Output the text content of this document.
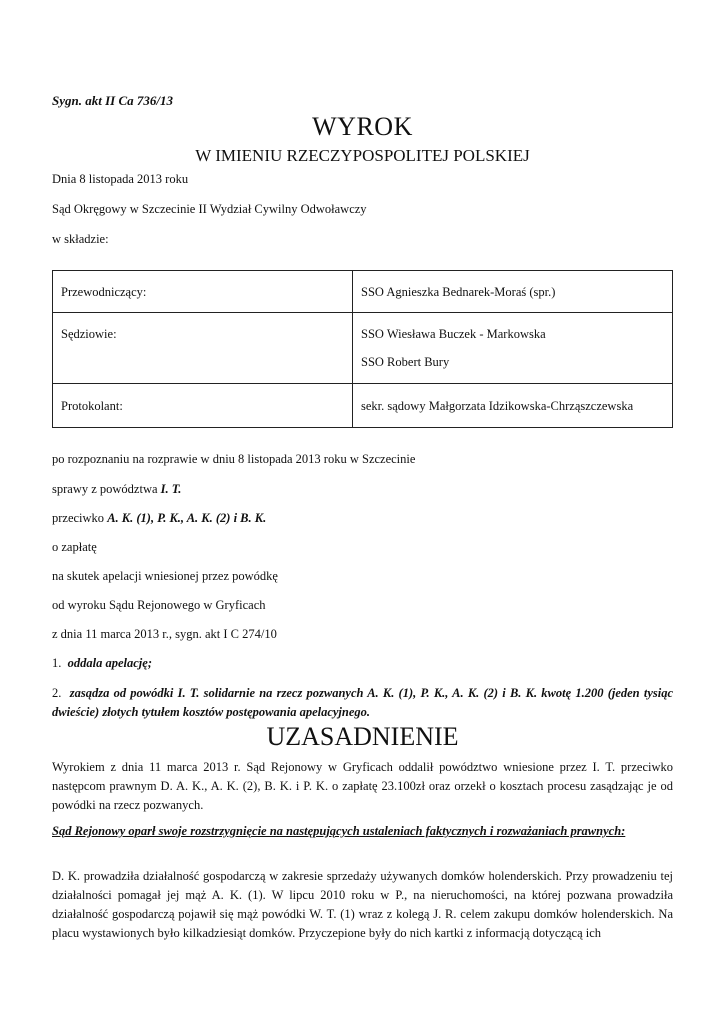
Sygn. akt II Ca 736/13
WYROK
W IMIENIU RZECZYPOSPOLITEJ POLSKIEJ
Dnia 8 listopada 2013 roku
Sąd Okręgowy w Szczecinie II Wydział Cywilny Odwoławczy
w składzie:
Przewodniczący:	SSO Agnieszka Bednarek-Moraś (spr.)
Sędziowie:	SSO Wiesława Buczek - Markowska
SSO Robert Bury

Protokolant:	sekr. sądowy Małgorzata Idzikowska-Chrząszczewska
po rozpoznaniu na rozprawie w dniu 8 listopada 2013 roku w Szczecinie
sprawy z powództwa I. T.
przeciwko A. K. (1), P. K., A. K. (2) i B. K.
o zapłatę
na skutek apelacji wniesionej przez powódkę
od wyroku Sądu Rejonowego w Gryficach
z dnia 11 marca 2013 r., sygn. akt I C 274/10
1. oddala apelację;
2. zasądza od powódki I. T. solidarnie na rzecz pozwanych A. K. (1), P. K., A. K. (2) i B. K. kwotę 1.200 (jeden tysiąc dwieście) złotych tytułem kosztów postępowania apelacyjnego.
UZASADNIENIE
Wyrokiem z dnia 11 marca 2013 r. Sąd Rejonowy w Gryficach oddalił powództwo wniesione przez I. T. przeciwko następcom prawnym D. A. K., A. K. (2), B. K. i P. K. o zapłatę 23.100zł oraz orzekł o kosztach procesu zasądzając je od powódki na rzecz pozwanych.
Sąd Rejonowy oparł swoje rozstrzygnięcie na następujących ustaleniach faktycznych i rozważaniach prawnych:
D. K. prowadziła działalność gospodarczą w zakresie sprzedaży używanych domków holenderskich. Przy prowadzeniu tej działalności pomagał jej mąż A. K. (1). W lipcu 2010 roku w P., na nieruchomości, na której pozwana prowadziła działalność gospodarczą pojawił się mąż powódki W. T. (1) wraz z kolegą J. R. celem zakupu domków holenderskich. Na placu wystawionych było kilkadziesiąt domków. Przyczepione były do nich kartki z informacją dotyczącą ich
